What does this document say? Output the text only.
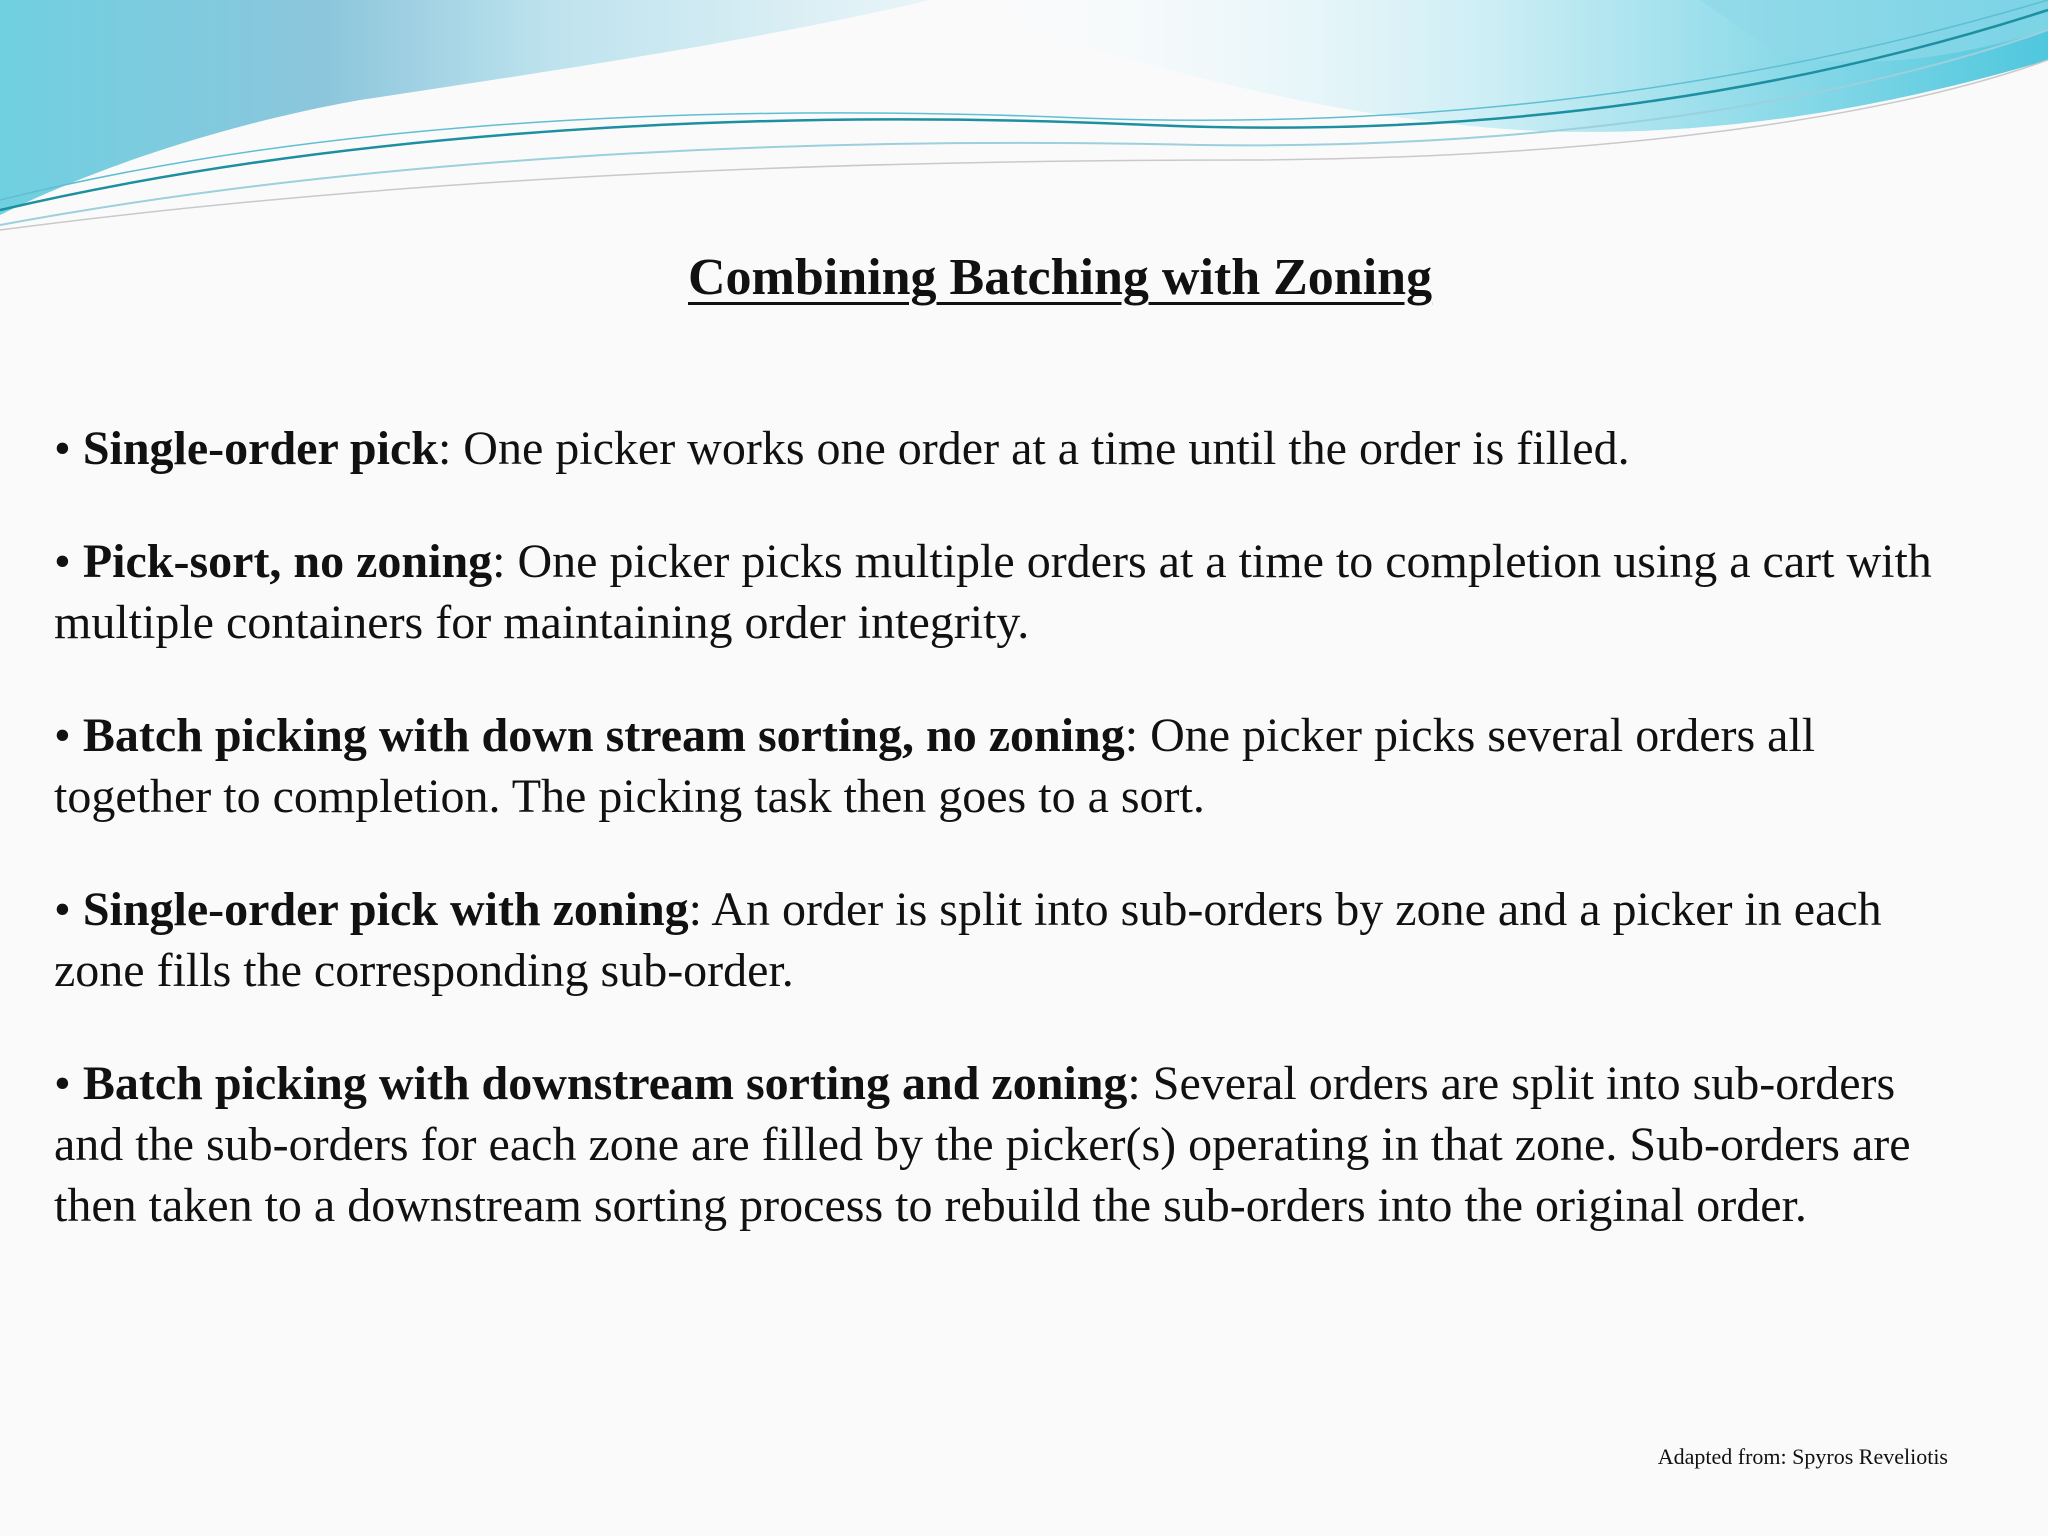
Combining Batching with Zoning
• Single-order pick: One picker works one order at a time until the order is filled.
• Pick-sort, no zoning: One picker picks multiple orders at a time to completion using a cart with multiple containers for maintaining order integrity.
• Batch picking with down stream sorting, no zoning: One picker picks several orders all together to completion. The picking task then goes to a sort.
• Single-order pick with zoning: An order is split into sub-orders by zone and a picker in each zone fills the corresponding sub-order.
• Batch picking with downstream sorting and zoning: Several orders are split into sub-orders and the sub-orders for each zone are filled by the picker(s) operating in that zone. Sub-orders are then taken to a downstream sorting process to rebuild the sub-orders into the original order.
Adapted from: Spyros Reveliotis
